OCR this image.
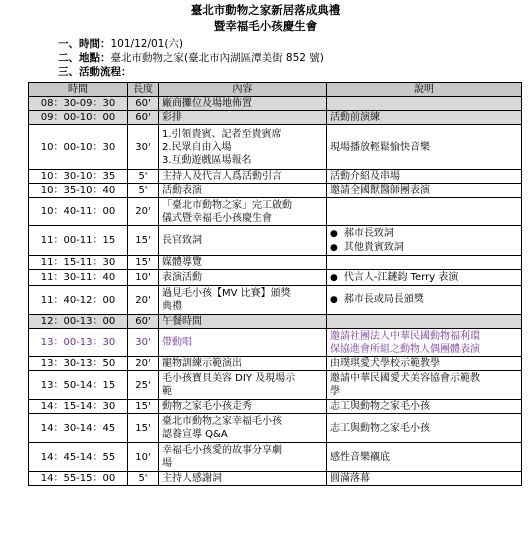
臺北市動物之家新居落成典禮
暨幸福毛小孩慶生會
一、時間：101/12/01(六)
二、地點：臺北市動物之家(臺北市內湖區潭美街 852 號)
三、活動流程：
時間	長度	內容	說明
08：30-09：30	60'	廠商攤位及場地佈置	

09：00-10：00	60'	彩排	活動前演練

10：00-10：30	30'	1.引領貴賓、記者至貴賓席
2.民眾自由入場
3.互動遊戲區場報名	現場播放輕鬆愉快音樂

10：30-10：35	5'	主持人及代言人爲活動引言	活動介紹及串場

10：35-10：40	5'	活動表演	邀請全國獸醫師團表演

10：40-11：00	20'	「臺北市動物之家」完工啟動
儀式暨幸福毛小孩慶生會	

11：00-11：15	15'	長官致詞	● 郝市長致詞
● 其他貴賓致詞

11：15-11：30	15'	媒體導覽	

11：30-11：40	10'	表演活動	● 代言人-江鏈鈞 Terry 表演

11：40-12：00	20'	過見毛小孩【MV 比賽】頒獎
典禮	● 郝市長或局長頒獎

12：00-13：00	60'	午餐時間	

13：00-13：30	30'	帶動唱	邀請社團法人中華民國動物福利環
保協進會所組之動物人偶團體表演

13：30-13：50	20'	寵物訓練示範演出	由璞琪愛犬學校示範教學

13：50-14：15	25'	毛小孩寶貝美容 DIY 及現場示
範	邀請中華民國愛犬美容協會示範教
學

14：15-14：30	15'	動物之家毛小孩走秀	志工與動物之家毛小孩

14：30-14：45	15'	臺北市動物之家幸福毛小孩
認養宣導 Q&A	志工與動物之家毛小孩

14：45-14：55	10'	幸福毛小孩愛的故事分享劇
場	感性音樂襯底

14：55-15：00	5'	主持人感謝詞	圓滿落幕
